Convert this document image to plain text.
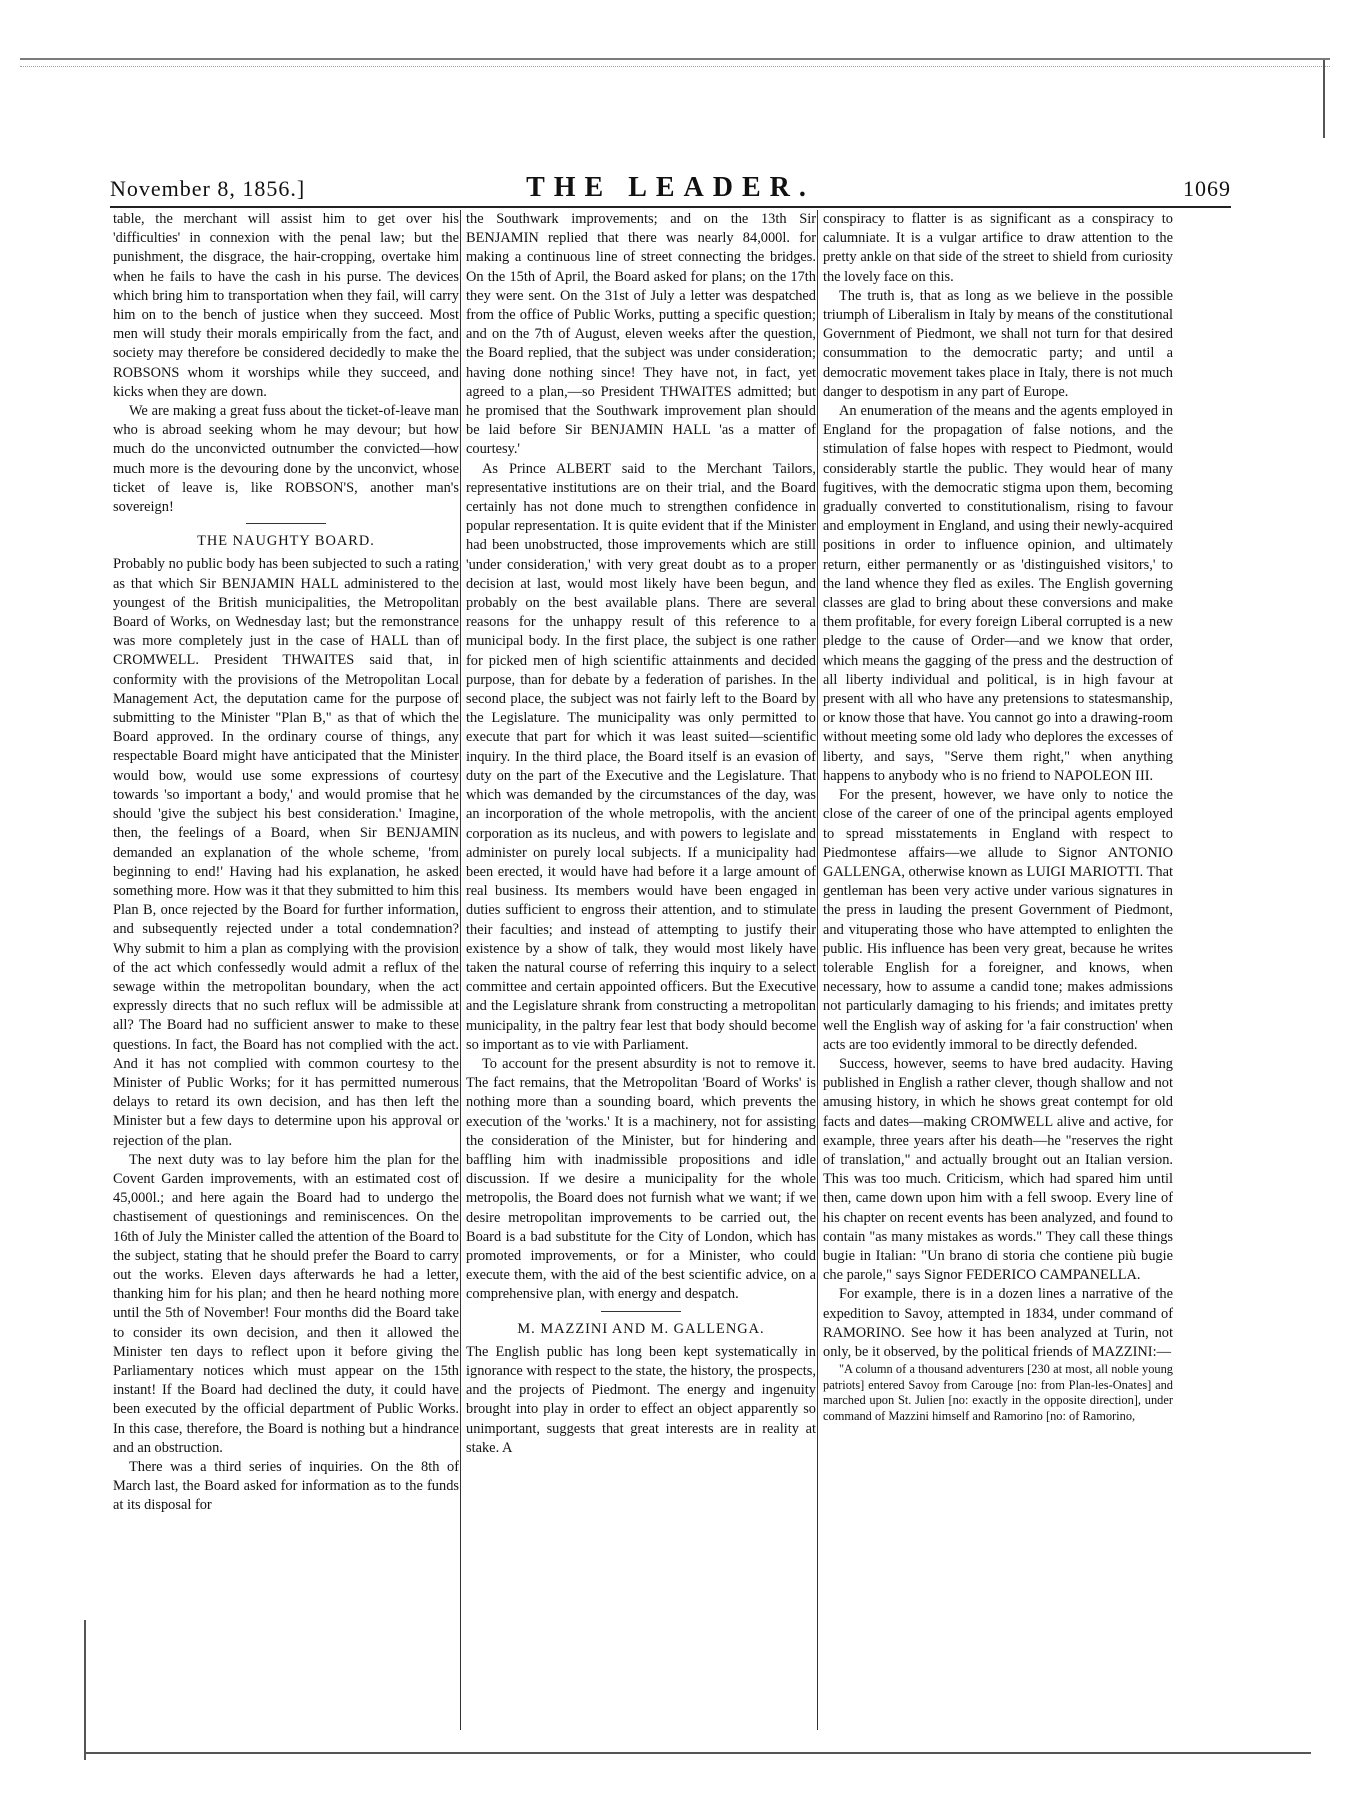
November 8, 1856.]	THE LEADER.	1069

table, the merchant will assist him to get over his 'difficulties' in connexion with the penal law; but the punishment, the disgrace, the hair-cropping, overtake him when he fails to have the cash in his purse. The devices which bring him to transportation when they fail, will carry him on to the bench of justice when they succeed. Most men will study their morals empirically from the fact, and society may therefore be considered decidedly to make the ROBSONS whom it worships while they succeed, and kicks when they are down.

We are making a great fuss about the ticket-of-leave man who is abroad seeking whom he may devour; but how much do the unconvicted outnumber the convicted—how much more is the devouring done by the unconvict, whose ticket of leave is, like ROBSON'S, another man's sovereign!

THE NAUGHTY BOARD.

Probably no public body has been subjected to such a rating as that which Sir BENJAMIN HALL administered to the youngest of the British municipalities, the Metropolitan Board of Works, on Wednesday last; but the remonstrance was more completely just in the case of HALL than of CROMWELL. President THWAITES said that, in conformity with the provisions of the Metropolitan Local Management Act, the deputation came for the purpose of submitting to the Minister "Plan B," as that of which the Board approved. In the ordinary course of things, any respectable Board might have anticipated that the Minister would bow, would use some expressions of courtesy towards 'so important a body,' and would promise that he should 'give the subject his best consideration.' Imagine, then, the feelings of a Board, when Sir BENJAMIN demanded an explanation of the whole scheme, 'from beginning to end!' Having had his explanation, he asked something more. How was it that they submitted to him this Plan B, once rejected by the Board for further information, and subsequently rejected under a total condemnation? Why submit to him a plan as complying with the provision of the act which confessedly would admit a reflux of the sewage within the metropolitan boundary, when the act expressly directs that no such reflux will be admissible at all? The Board had no sufficient answer to make to these questions. In fact, the Board has not complied with the act. And it has not complied with common courtesy to the Minister of Public Works; for it has permitted numerous delays to retard its own decision, and has then left the Minister but a few days to determine upon his approval or rejection of the plan.

The next duty was to lay before him the plan for the Covent Garden improvements, with an estimated cost of 45,000l.; and here again the Board had to undergo the chastisement of questionings and reminiscences. On the 16th of July the Minister called the attention of the Board to the subject, stating that he should prefer the Board to carry out the works. Eleven days afterwards he had a letter, thanking him for his plan; and then he heard nothing more until the 5th of November! Four months did the Board take to consider its own decision, and then it allowed the Minister ten days to reflect upon it before giving the Parliamentary notices which must appear on the 15th instant! If the Board had declined the duty, it could have been executed by the official department of Public Works. In this case, therefore, the Board is nothing but a hindrance and an obstruction.

There was a third series of inquiries. On the 8th of March last, the Board asked for information as to the funds at its disposal for

the Southwark improvements; and on the 13th Sir BENJAMIN replied that there was nearly 84,000l. for making a continuous line of street connecting the bridges. On the 15th of April, the Board asked for plans; on the 17th they were sent. On the 31st of July a letter was despatched from the office of Public Works, putting a specific question; and on the 7th of August, eleven weeks after the question, the Board replied, that the subject was under consideration; having done nothing since! They have not, in fact, yet agreed to a plan,—so President THWAITES admitted; but he promised that the Southwark improvement plan should be laid before Sir BENJAMIN HALL 'as a matter of courtesy.'

As Prince ALBERT said to the Merchant Tailors, representative institutions are on their trial, and the Board certainly has not done much to strengthen confidence in popular representation. It is quite evident that if the Minister had been unobstructed, those improvements which are still 'under consideration,' with very great doubt as to a proper decision at last, would most likely have been begun, and probably on the best available plans. There are several reasons for the unhappy result of this reference to a municipal body. In the first place, the subject is one rather for picked men of high scientific attainments and decided purpose, than for debate by a federation of parishes. In the second place, the subject was not fairly left to the Board by the Legislature. The municipality was only permitted to execute that part for which it was least suited—scientific inquiry. In the third place, the Board itself is an evasion of duty on the part of the Executive and the Legislature. That which was demanded by the circumstances of the day, was an incorporation of the whole metropolis, with the ancient corporation as its nucleus, and with powers to legislate and administer on purely local subjects. If a municipality had been erected, it would have had before it a large amount of real business. Its members would have been engaged in duties sufficient to engross their attention, and to stimulate their faculties; and instead of attempting to justify their existence by a show of talk, they would most likely have taken the natural course of referring this inquiry to a select committee and certain appointed officers. But the Executive and the Legislature shrank from constructing a metropolitan municipality, in the paltry fear lest that body should become so important as to vie with Parliament.

To account for the present absurdity is not to remove it. The fact remains, that the Metropolitan 'Board of Works' is nothing more than a sounding board, which prevents the execution of the 'works.' It is a machinery, not for assisting the consideration of the Minister, but for hindering and baffling him with inadmissible propositions and idle discussion. If we desire a municipality for the whole metropolis, the Board does not furnish what we want; if we desire metropolitan improvements to be carried out, the Board is a bad substitute for the City of London, which has promoted improvements, or for a Minister, who could execute them, with the aid of the best scientific advice, on a comprehensive plan, with energy and despatch.

M. MAZZINI AND M. GALLENGA.

The English public has long been kept systematically in ignorance with respect to the state, the history, the prospects, and the projects of Piedmont. The energy and ingenuity brought into play in order to effect an object apparently so unimportant, suggests that great interests are in reality at stake. A

conspiracy to flatter is as significant as a conspiracy to calumniate. It is a vulgar artifice to draw attention to the pretty ankle on that side of the street to shield from curiosity the lovely face on this.

The truth is, that as long as we believe in the possible triumph of Liberalism in Italy by means of the constitutional Government of Piedmont, we shall not turn for that desired consummation to the democratic party; and until a democratic movement takes place in Italy, there is not much danger to despotism in any part of Europe.

An enumeration of the means and the agents employed in England for the propagation of false notions, and the stimulation of false hopes with respect to Piedmont, would considerably startle the public. They would hear of many fugitives, with the democratic stigma upon them, becoming gradually converted to constitutionalism, rising to favour and employment in England, and using their newly-acquired positions in order to influence opinion, and ultimately return, either permanently or as 'distinguished visitors,' to the land whence they fled as exiles. The English governing classes are glad to bring about these conversions and make them profitable, for every foreign Liberal corrupted is a new pledge to the cause of Order—and we know that order, which means the gagging of the press and the destruction of all liberty individual and political, is in high favour at present with all who have any pretensions to statesmanship, or know those that have. You cannot go into a drawing-room without meeting some old lady who deplores the excesses of liberty, and says, "Serve them right," when anything happens to anybody who is no friend to NAPOLEON III.

For the present, however, we have only to notice the close of the career of one of the principal agents employed to spread misstatements in England with respect to Piedmontese affairs—we allude to Signor ANTONIO GALLENGA, otherwise known as LUIGI MARIOTTI. That gentleman has been very active under various signatures in the press in lauding the present Government of Piedmont, and vituperating those who have attempted to enlighten the public. His influence has been very great, because he writes tolerable English for a foreigner, and knows, when necessary, how to assume a candid tone; makes admissions not particularly damaging to his friends; and imitates pretty well the English way of asking for 'a fair construction' when acts are too evidently immoral to be directly defended.

Success, however, seems to have bred audacity. Having published in English a rather clever, though shallow and not amusing history, in which he shows great contempt for old facts and dates—making CROMWELL alive and active, for example, three years after his death—he "reserves the right of translation," and actually brought out an Italian version. This was too much. Criticism, which had spared him until then, came down upon him with a fell swoop. Every line of his chapter on recent events has been analyzed, and found to contain "as many mistakes as words." They call these things bugie in Italian: "Un brano di storia che contiene più bugie che parole," says Signor FEDERICO CAMPANELLA.

For example, there is in a dozen lines a narrative of the expedition to Savoy, attempted in 1834, under command of RAMORINO. See how it has been analyzed at Turin, not only, be it observed, by the political friends of MAZZINI:—

"A column of a thousand adventurers [230 at most, all noble young patriots] entered Savoy from Carouge [no: from Plan-les-Onates] and marched upon St. Julien [no: exactly in the opposite direction], under command of Mazzini himself and Ramorino [no: of Ramorino,
